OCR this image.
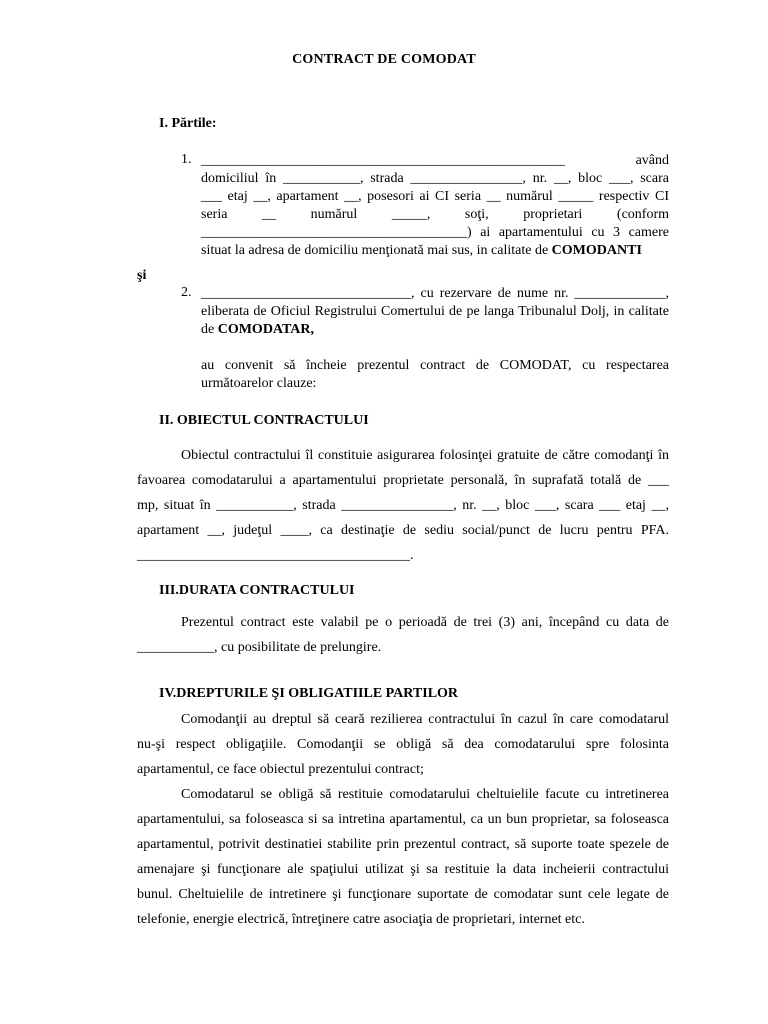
CONTRACT DE COMODAT
I. Părtile:
1. ____________________________________________________ având
domiciliul în ___________, strada ________________, nr. __, bloc ___, scara
___ etaj __, apartament __, posesori ai CI seria __ numărul _____ respectiv CI
seria __ numărul _____, soţi, proprietari (conform
______________________________________) ai apartamentului cu 3 camere
situat la adresa de domiciliu menţionată mai sus, in calitate de COMODANTI
şi
2. ______________________________, cu rezervare de nume nr. _____________,
eliberata de Oficiul Registrului Comertului de pe langa Tribunalul Dolj, in calitate
de COMODATAR,
au convenit să încheie prezentul contract de COMODAT, cu respectarea
următoarelor clauze:
II. OBIECTUL CONTRACTULUI
Obiectul contractului îl constituie asigurarea folosinţei gratuite de către comodanţi în
favoarea comodatarului a apartamentului proprietate personală, în suprafată totală de ___
mp, situat în ___________, strada ________________, nr. __, bloc ___, scara ___ etaj __,
apartament __, judeţul ____, ca destinaţie de sediu social/punct de lucru pentru PFA.
_______________________________________.
III.DURATA CONTRACTULUI
Prezentul contract este valabil pe o perioadă de trei (3) ani, începând cu data de
___________, cu posibilitate de prelungire.
IV.DREPTURILE ŞI OBLIGATIILE PARTILOR
Comodanţii au dreptul să ceară rezilierea contractului în cazul în care comodatarul
nu-şi respect obligaţiile. Comodanţii se obligă să dea comodatarului spre folosinta
apartamentul, ce face obiectul prezentului contract;
Comodatarul se obligă să restituie comodatarului cheltuielile facute cu intretinerea
apartamentului, sa foloseasca si sa intretina apartamentul, ca un bun proprietar, sa foloseasca
apartamentul, potrivit destinatiei stabilite prin prezentul contract, să suporte toate spezele de
amenajare şi funcţionare ale spaţiului utilizat şi sa restituie la data incheierii contractului
bunul. Cheltuielile de intretinere şi funcţionare suportate de comodatar sunt cele legate de
telefonie, energie electrică, întreţinere catre asociaţia de proprietari, internet etc.
